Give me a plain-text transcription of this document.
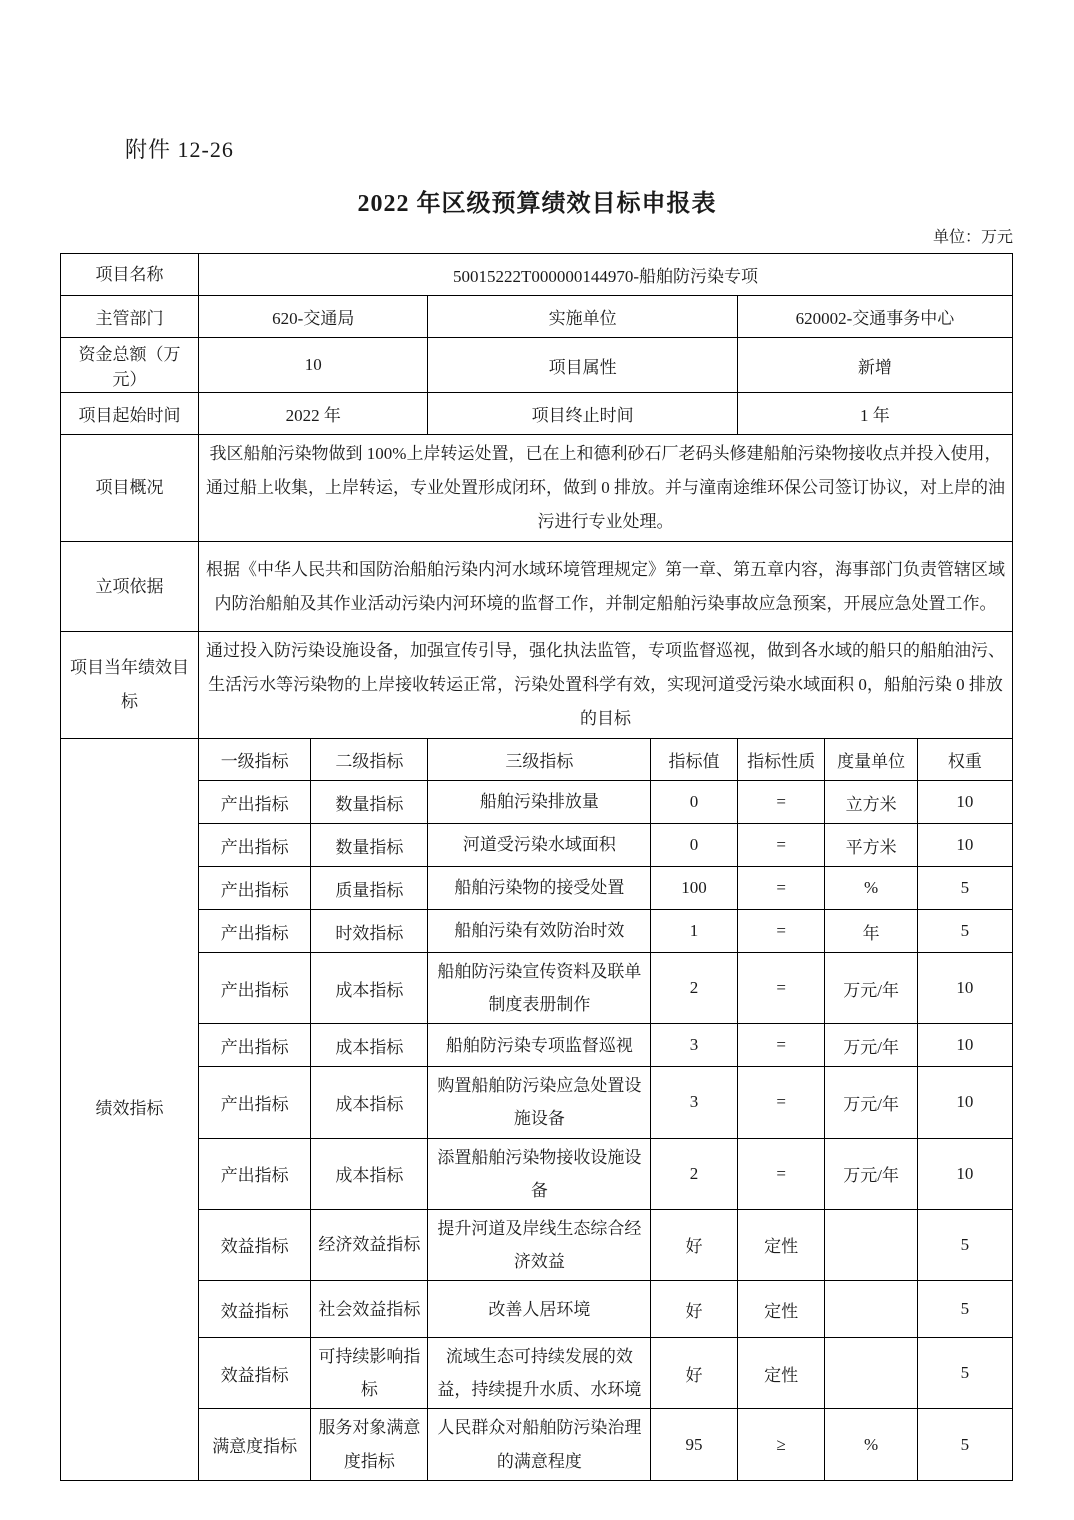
附件 12-26
2022 年区级预算绩效目标申报表
单位：万元
项目名称	50015222T000000144970-船舶防污染专项						
主管部门	620-交通局		实施单位		620002-交通事务中心		
资金总额（万元）	10		项目属性		新增		
项目起始时间	2022 年		项目终止时间		1 年		
项目概况	我区船舶污染物做到 100%上岸转运处置，已在上和德利砂石厂老码头修建船舶污染物接收点并投入使用，通过船上收集，上岸转运，专业处置形成闭环，做到 0 排放。并与潼南途维环保公司签订协议，对上岸的油污进行专业处理。						
立项依据	根据《中华人民共和国防治船舶污染内河水域环境管理规定》第一章、第五章内容，海事部门负责管辖区域内防治船舶及其作业活动污染内河环境的监督工作，并制定船舶污染事故应急预案，开展应急处置工作。						
项目当年绩效目标	通过投入防污染设施设备，加强宣传引导，强化执法监管，专项监督巡视，做到各水域的船只的船舶油污、生活污水等污染物的上岸接收转运正常，污染处置科学有效，实现河道受污染水域面积 0，船舶污染 0 排放的目标						
绩效指标	一级指标	二级指标	三级指标	指标值	指标性质	度量单位	权重
	产出指标	数量指标	船舶污染排放量	0	=	立方米	10
	产出指标	数量指标	河道受污染水域面积	0	=	平方米	10
	产出指标	质量指标	船舶污染物的接受处置	100	=	%	5
	产出指标	时效指标	船舶污染有效防治时效	1	=	年	5
	产出指标	成本指标	船舶防污染宣传资料及联单制度表册制作	2	=	万元/年	10
	产出指标	成本指标	船舶防污染专项监督巡视	3	=	万元/年	10
	产出指标	成本指标	购置船舶防污染应急处置设施设备	3	=	万元/年	10
	产出指标	成本指标	添置船舶污染物接收设施设备	2	=	万元/年	10
	效益指标	经济效益指标	提升河道及岸线生态综合经济效益	好	定性		5
	效益指标	社会效益指标	改善人居环境	好	定性		5
	效益指标	可持续影响指标	流域生态可持续发展的效益，持续提升水质、水环境	好	定性		5
	满意度指标	服务对象满意度指标	人民群众对船舶防污染治理的满意程度	95	≥	%	5
